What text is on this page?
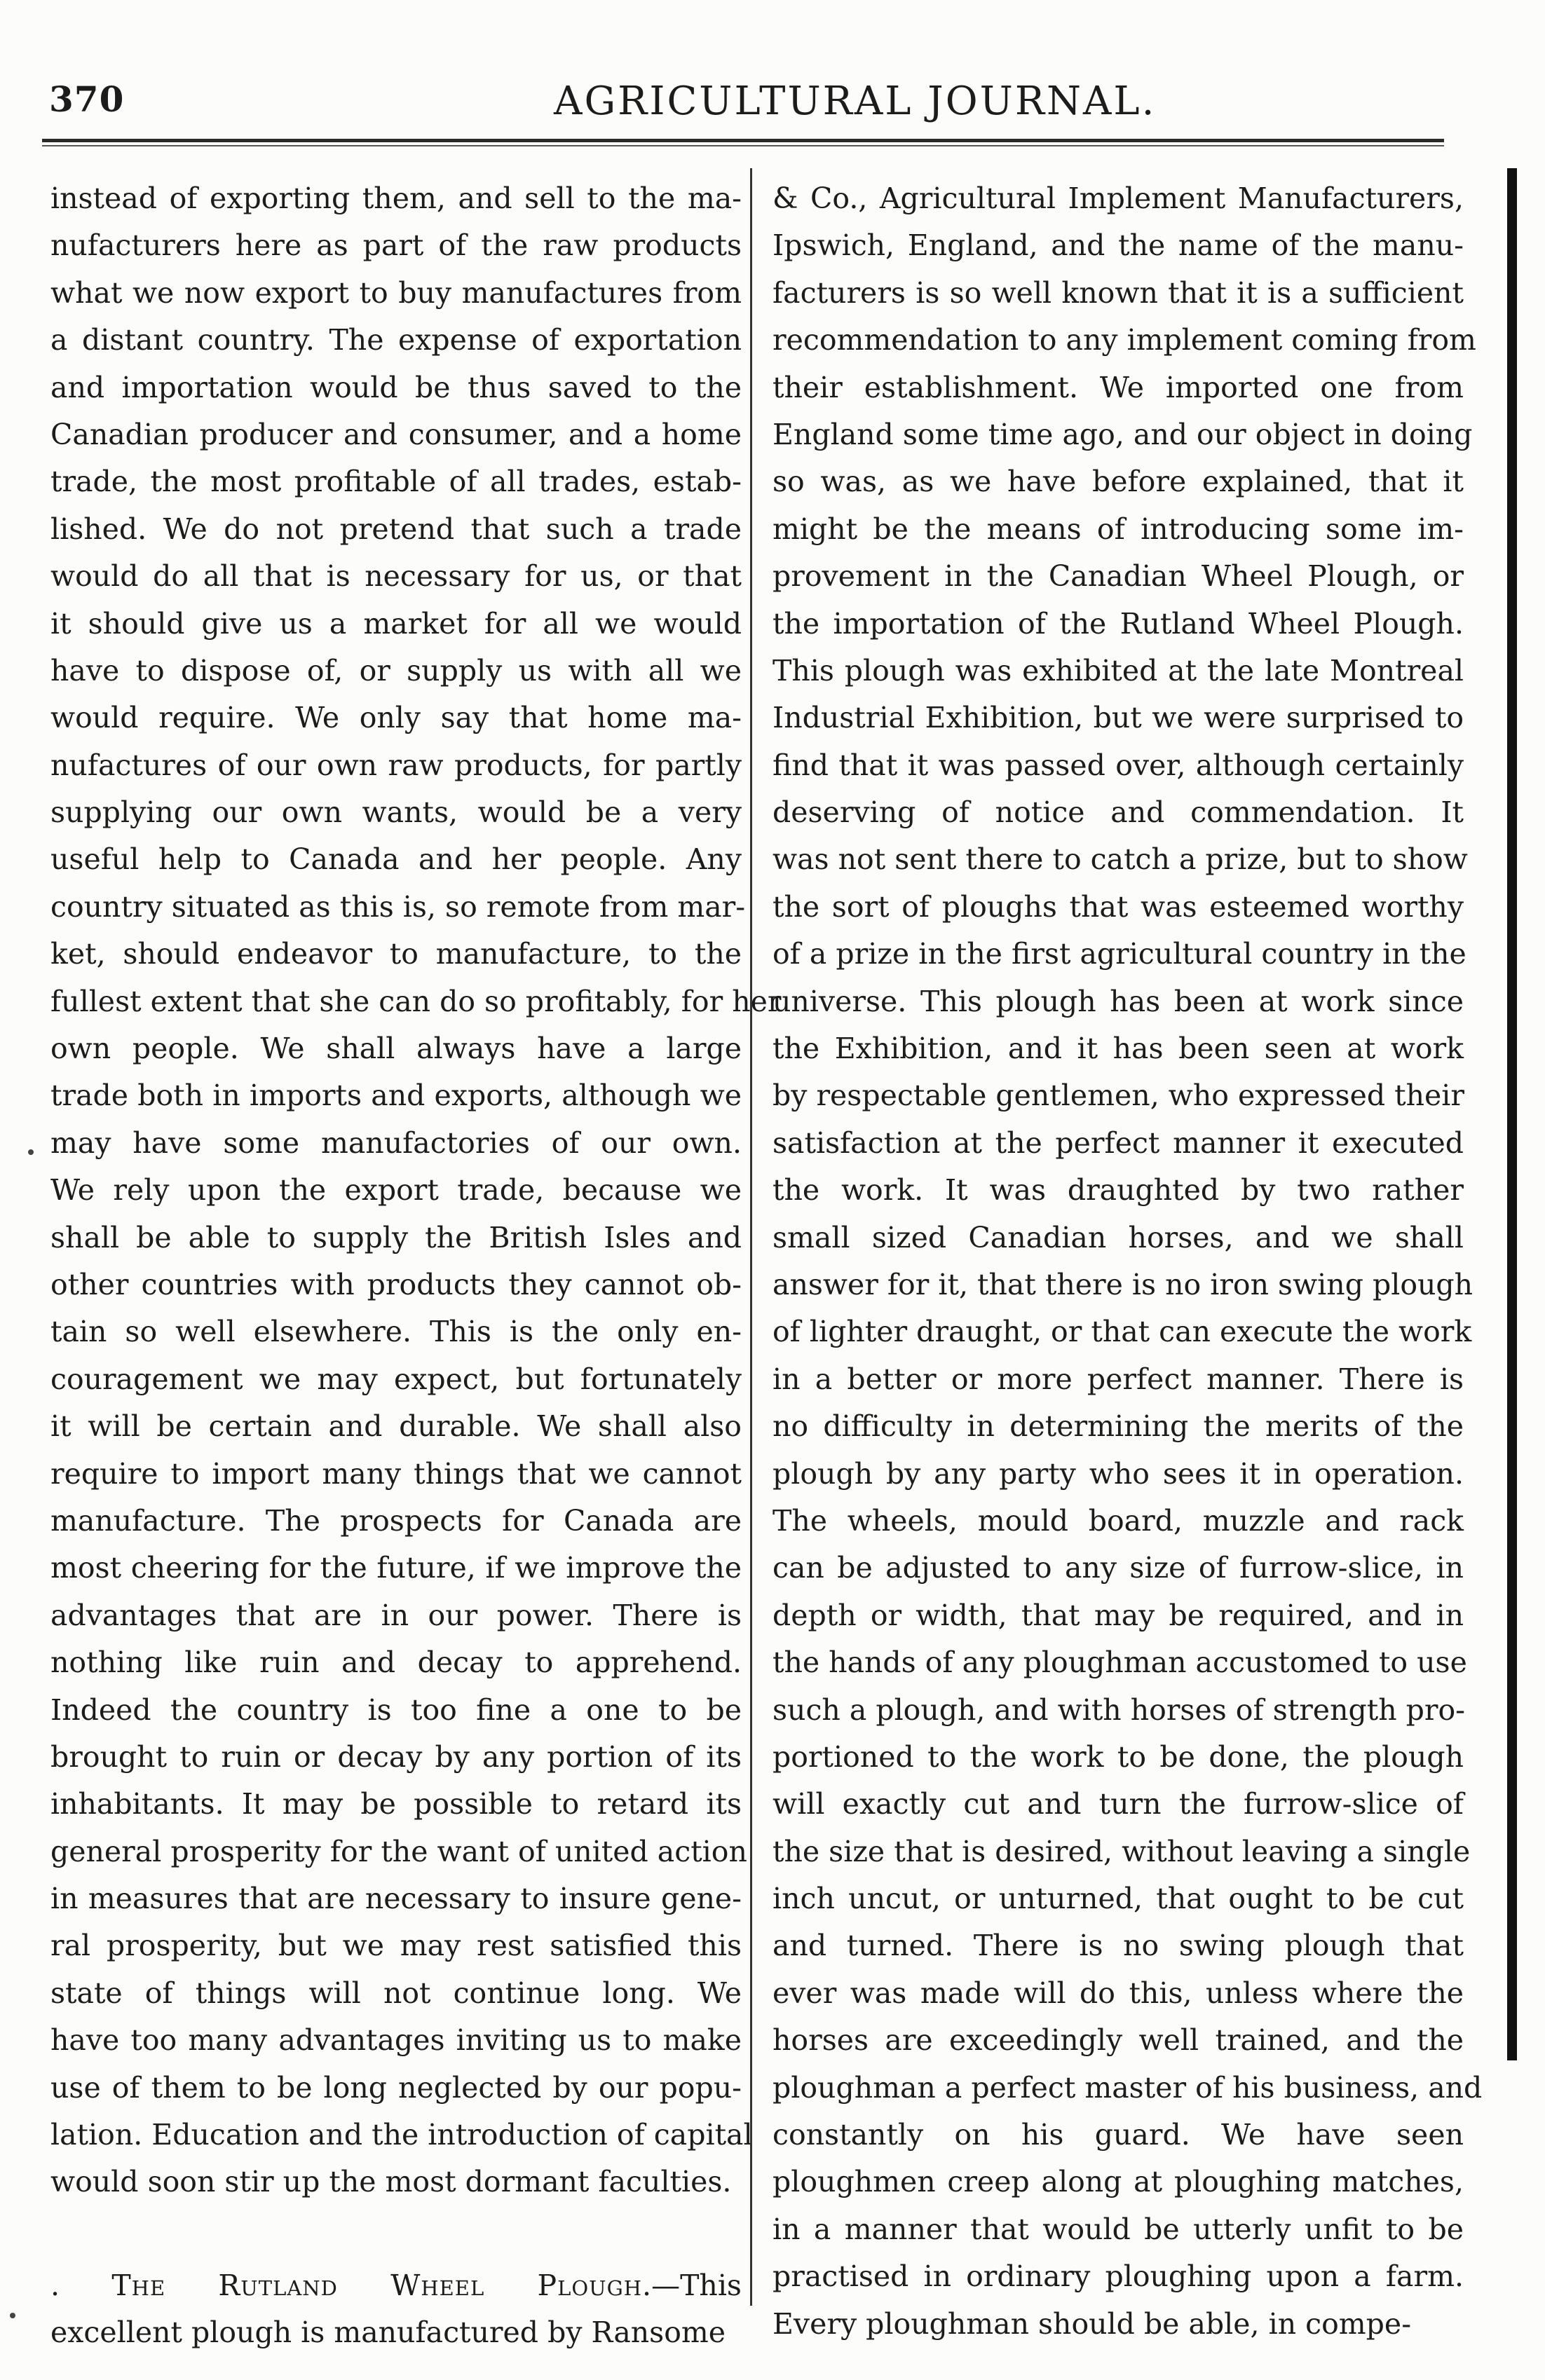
370	AGRICULTURAL JOURNAL.
instead of exporting them, and sell to the ma-
nufacturers here as part of the raw products
what we now export to buy manufactures from
a distant country. The expense of exportation
and importation would be thus saved to the
Canadian producer and consumer, and a home
trade, the most profitable of all trades, estab-
lished. We do not pretend that such a trade
would do all that is necessary for us, or that
it should give us a market for all we would
have to dispose of, or supply us with all we
would require. We only say that home ma-
nufactures of our own raw products, for partly
supplying our own wants, would be a very
useful help to Canada and her people. Any
country situated as this is, so remote from mar-
ket, should endeavor to manufacture, to the
fullest extent that she can do so profitably, for her
own people. We shall always have a large
trade both in imports and exports, although we
may have some manufactories of our own.
We rely upon the export trade, because we
shall be able to supply the British Isles and
other countries with products they cannot ob-
tain so well elsewhere. This is the only en-
couragement we may expect, but fortunately
it will be certain and durable. We shall also
require to import many things that we cannot
manufacture. The prospects for Canada are
most cheering for the future, if we improve the
advantages that are in our power. There is
nothing like ruin and decay to apprehend.
Indeed the country is too fine a one to be
brought to ruin or decay by any portion of its
inhabitants. It may be possible to retard its
general prosperity for the want of united action
in measures that are necessary to insure gene-
ral prosperity, but we may rest satisfied this
state of things will not continue long. We
have too many advantages inviting us to make
use of them to be long neglected by our popu-
lation. Education and the introduction of capital
would soon stir up the most dormant faculties.
. The Rutland Wheel Plough.—This
excellent plough is manufactured by Ransome
& Co., Agricultural Implement Manufacturers,
Ipswich, England, and the name of the manu-
facturers is so well known that it is a sufficient
recommendation to any implement coming from
their establishment. We imported one from
England some time ago, and our object in doing
so was, as we have before explained, that it
might be the means of introducing some im-
provement in the Canadian Wheel Plough, or
the importation of the Rutland Wheel Plough.
This plough was exhibited at the late Montreal
Industrial Exhibition, but we were surprised to
find that it was passed over, although certainly
deserving of notice and commendation. It
was not sent there to catch a prize, but to show
the sort of ploughs that was esteemed worthy
of a prize in the first agricultural country in the
universe. This plough has been at work since
the Exhibition, and it has been seen at work
by respectable gentlemen, who expressed their
satisfaction at the perfect manner it executed
the work. It was draughted by two rather
small sized Canadian horses, and we shall
answer for it, that there is no iron swing plough
of lighter draught, or that can execute the work
in a better or more perfect manner. There is
no difficulty in determining the merits of the
plough by any party who sees it in operation.
The wheels, mould board, muzzle and rack
can be adjusted to any size of furrow-slice, in
depth or width, that may be required, and in
the hands of any ploughman accustomed to use
such a plough, and with horses of strength pro-
portioned to the work to be done, the plough
will exactly cut and turn the furrow-slice of
the size that is desired, without leaving a single
inch uncut, or unturned, that ought to be cut
and turned. There is no swing plough that
ever was made will do this, unless where the
horses are exceedingly well trained, and the
ploughman a perfect master of his business, and
constantly on his guard. We have seen
ploughmen creep along at ploughing matches,
in a manner that would be utterly unfit to be
practised in ordinary ploughing upon a farm.
Every ploughman should be able, in compe-
